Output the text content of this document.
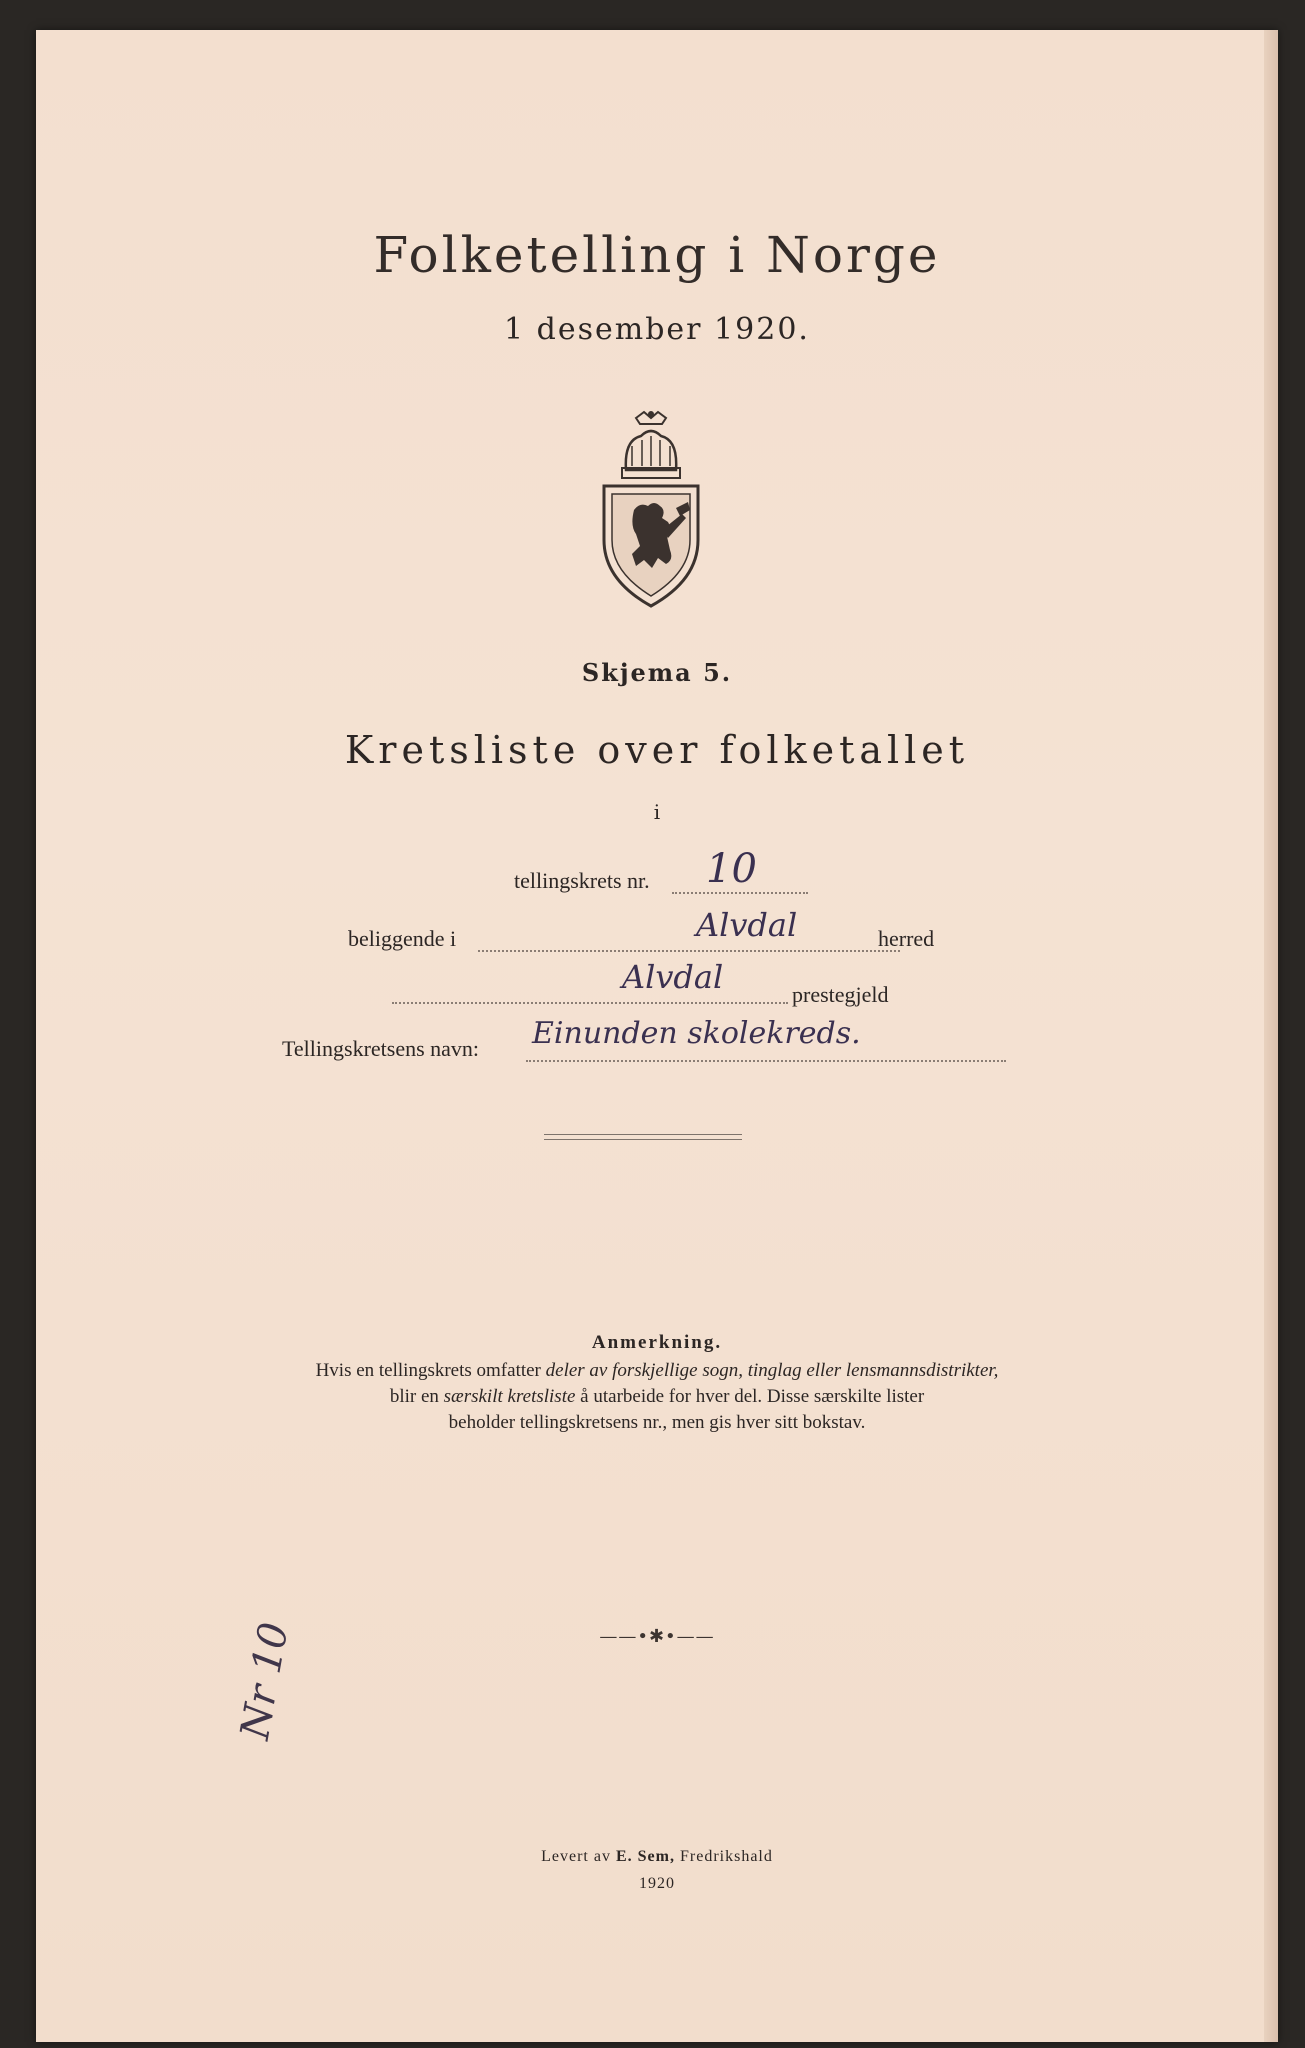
Folketelling i Norge
1 desember 1920.
Skjema 5.
Kretsliste over folketallet
i
tellingskrets nr. 10
beliggende i	Alvdal	herred
Alvdal	prestegjeld
Tellingskretsens navn: Einunden skolekreds.
Anmerkning.
Hvis en tellingskrets omfatter deler av forskjellige sogn, tinglag eller lensmannsdistrikter,
blir en særskilt kretsliste å utarbeide for hver del. Disse særskilte lister
beholder tellingskretsens nr., men gis hver sitt bokstav.
——•✱•——
Nr 10
Levert av E. Sem, Fredrikshald
1920
